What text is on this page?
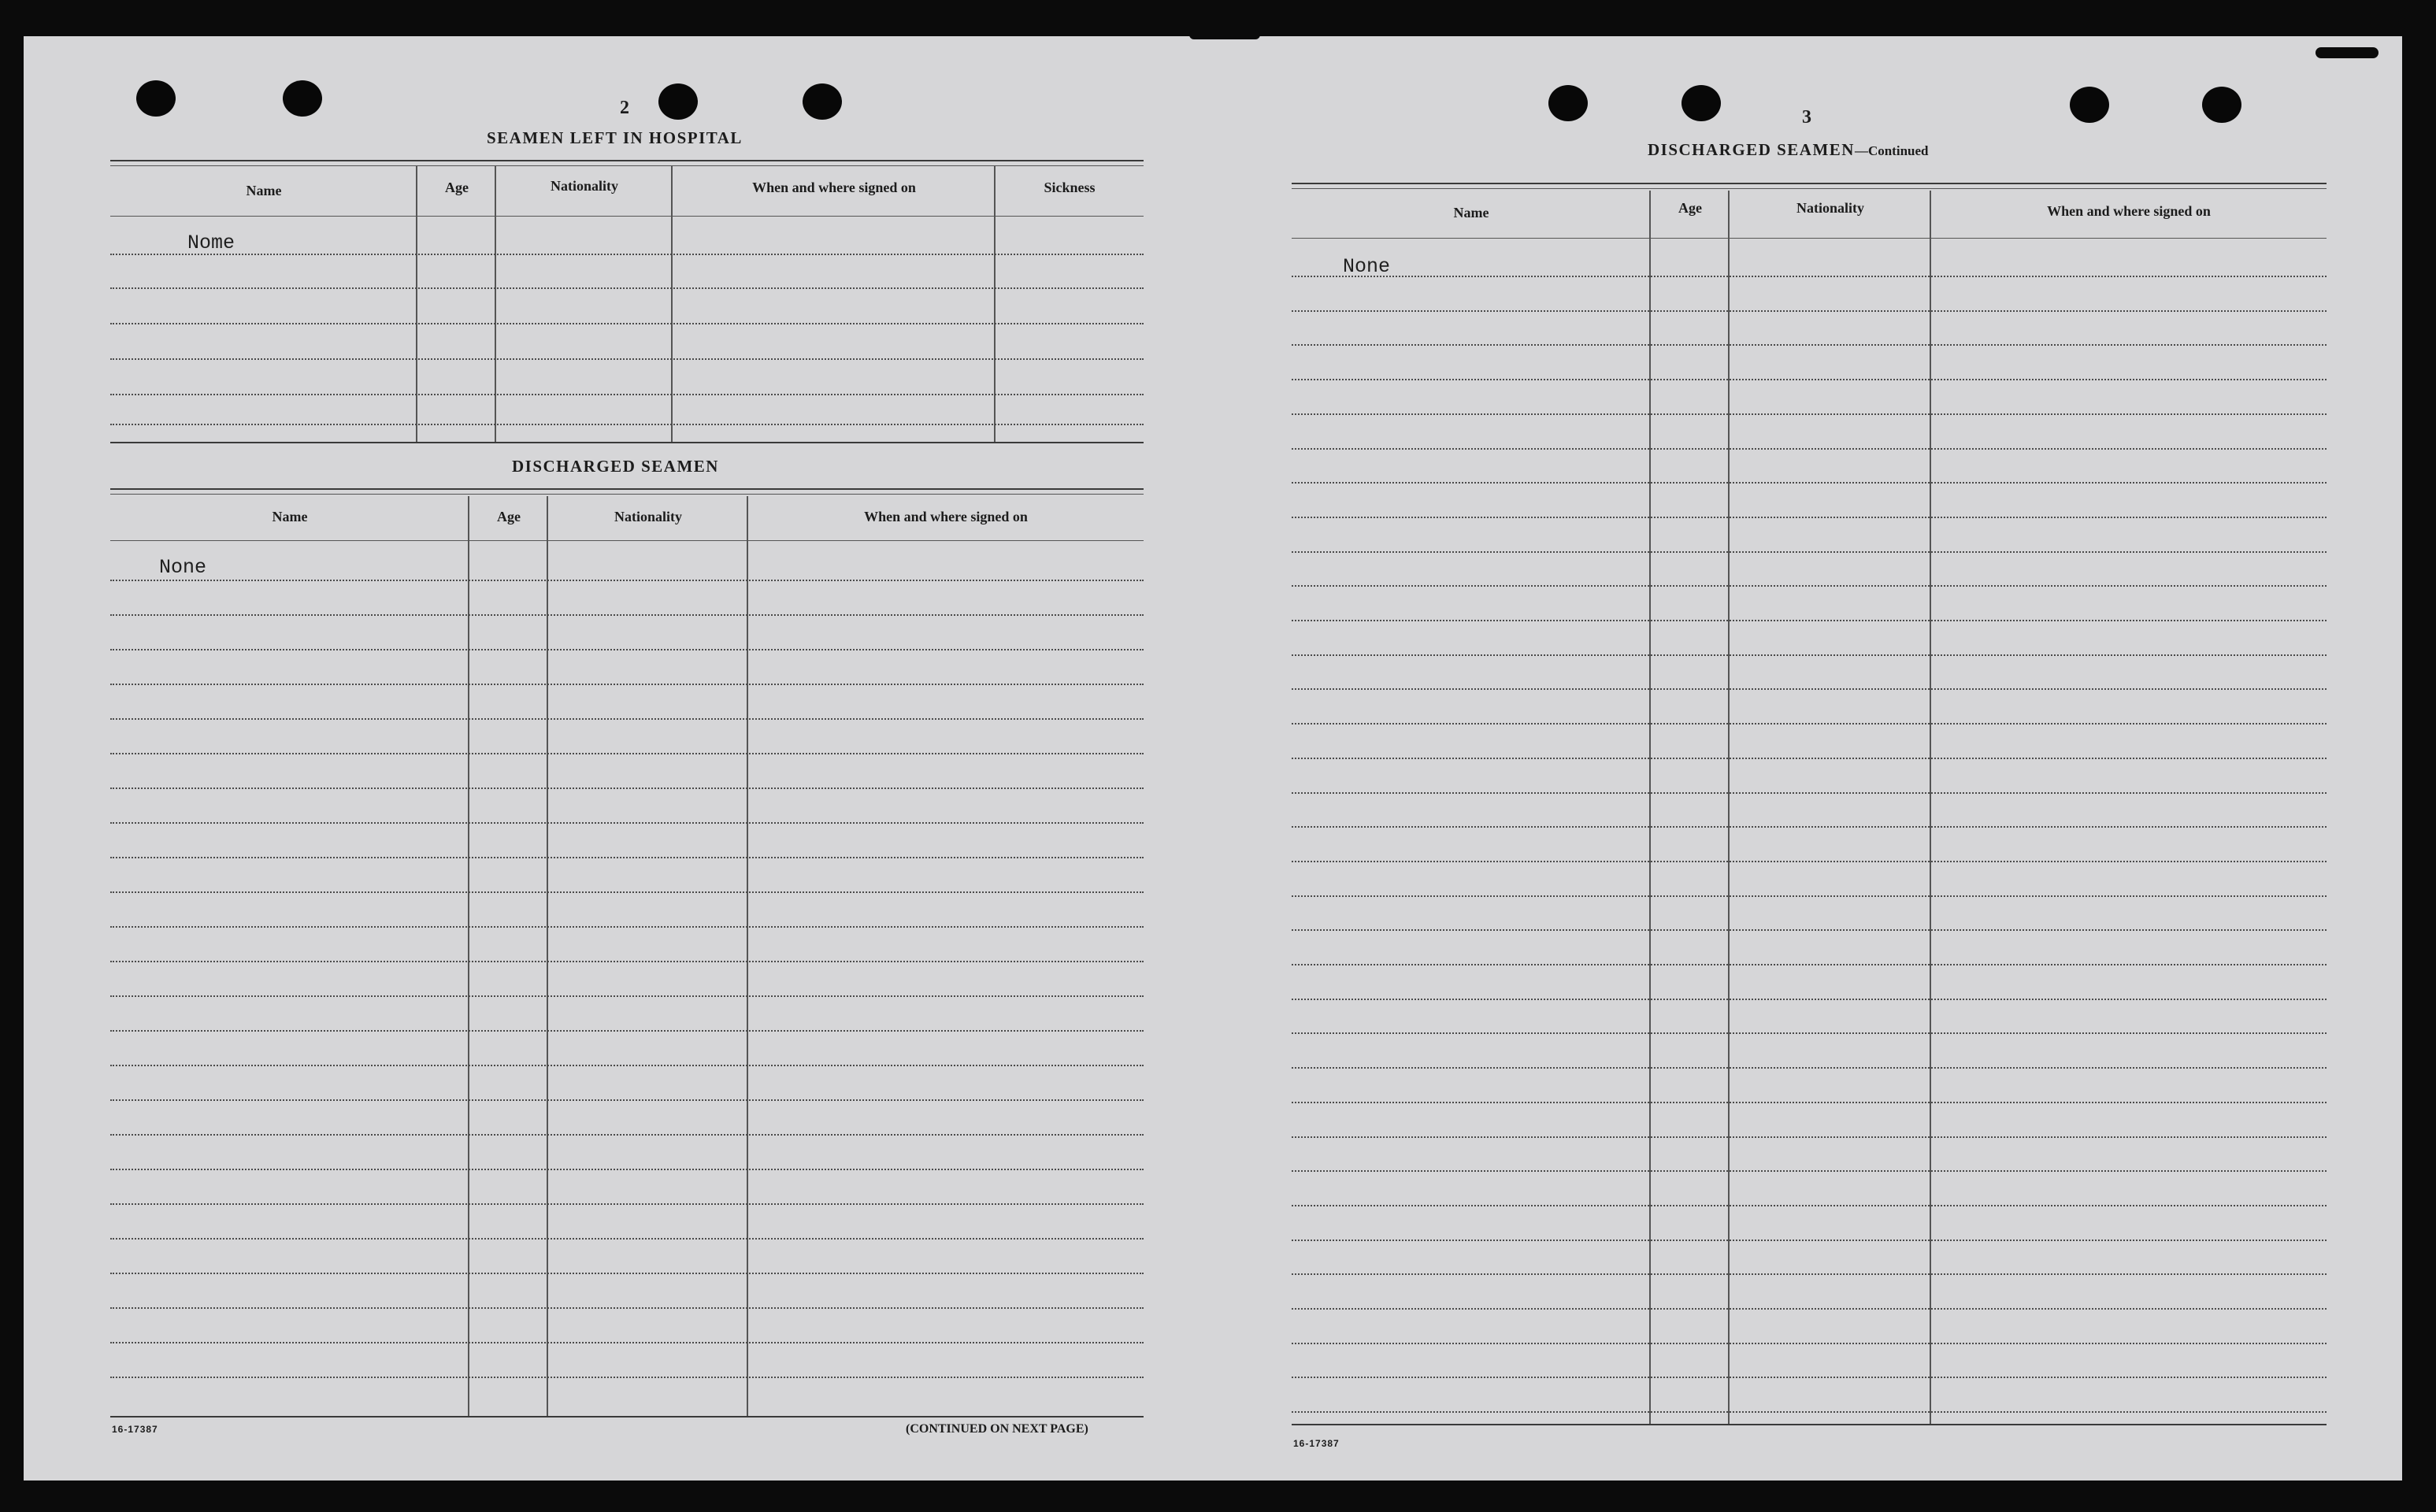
2
SEAMEN LEFT IN HOSPITAL
Name	Age	Nationality	When and where signed on	Sickness
Nome
DISCHARGED SEAMEN
Name	Age	Nationality	When and where signed on
None
16-17387	(CONTINUED ON NEXT PAGE)
3
DISCHARGED SEAMEN—Continued
Name	Age	Nationality	When and where signed on
None
16-17387
